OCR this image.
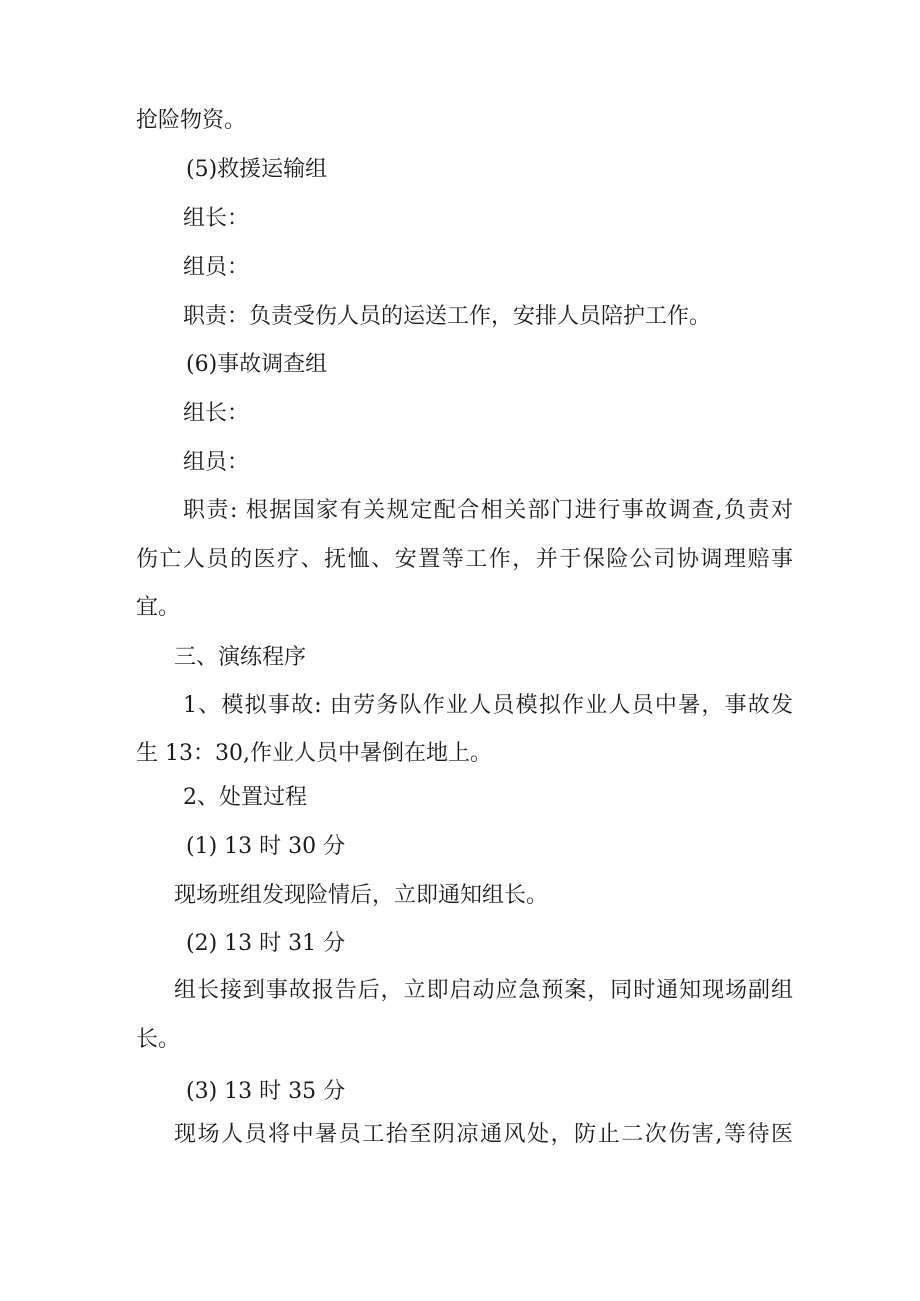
抢险物资。
(5)救援运输组
组长：
组员：
职责：负责受伤人员的运送工作，安排人员陪护工作。
(6)事故调查组
组长：
组员：
职责: 根据国家有关规定配合相关部门进行事故调查,负责对
伤亡人员的医疗、抚恤、安置等工作，并于保险公司协调理赔事
宜。
三、演练程序
1、模拟事故: 由劳务队作业人员模拟作业人员中暑，事故发
生 13：30,作业人员中暑倒在地上。
2、处置过程
(1) 13 时 30 分
现场班组发现险情后，立即通知组长。
(2) 13 时 31 分
组长接到事故报告后，立即启动应急预案，同时通知现场副组
长。
(3) 13 时 35 分
现场人员将中暑员工抬至阴凉通风处，防止二次伤害,等待医
